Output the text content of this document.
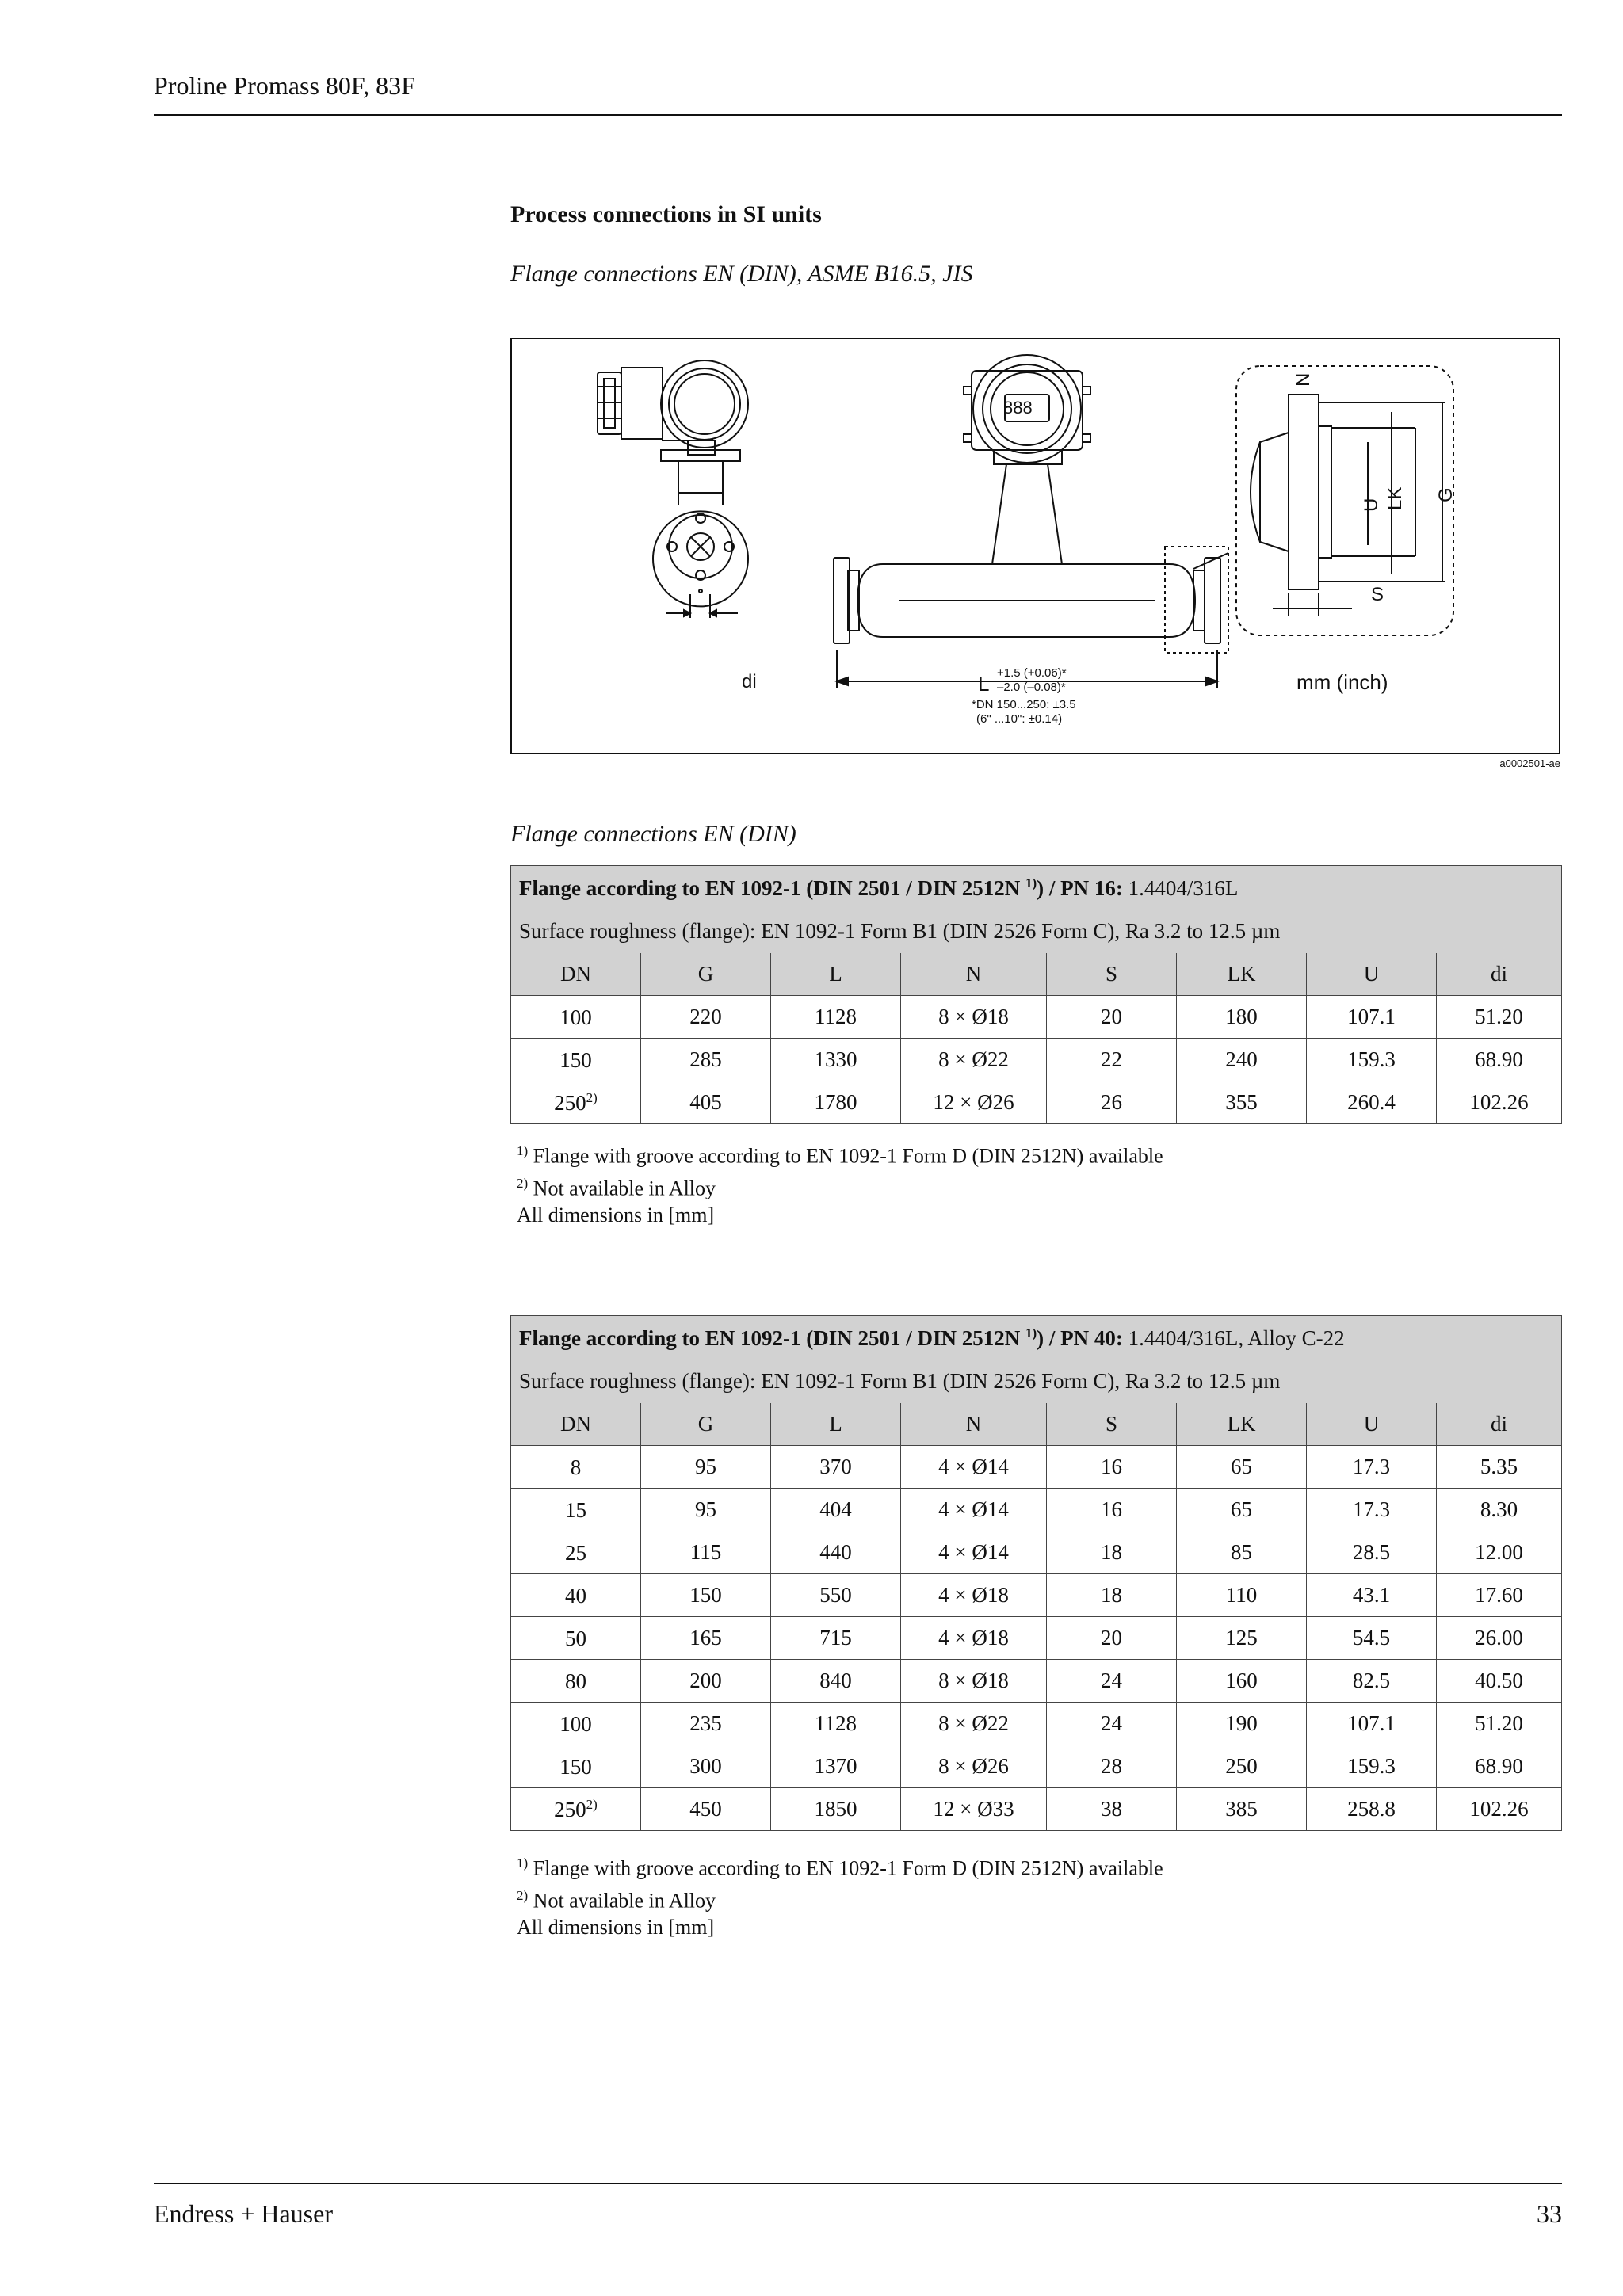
Proline Promass 80F, 83F
Process connections in SI units
Flange connections EN (DIN), ASME B16.5, JIS
di	L +1.5 (+0.06)*
–2.0 (–0.08)*
*DN 150...250: ±3.5
(6" ...10": ±0.14)
888
N
U LK G
S
mm (inch)
a0002501-ae
Flange connections EN (DIN)
Flange according to EN 1092-1 (DIN 2501 / DIN 2512N $^{1)}$) / PN 16: 1.4404/316L							
Surface roughness (flange): EN 1092-1 Form B1 (DIN 2526 Form C), Ra 3.2 to 12.5 µm							
DN	G	L	N	S	LK	U	di
100	220	1128	8 × Ø18	20	180	107.1	51.20
150	285	1330	8 × Ø22	22	240	159.3	68.90
250$^{2)}$	405	1780	12 × Ø26	26	355	260.4	102.26
$^{1)}$ Flange with groove according to EN 1092-1 Form D (DIN 2512N) available
$^{2)}$ Not available in Alloy
All dimensions in [mm]
Flange according to EN 1092-1 (DIN 2501 / DIN 2512N $^{1)}$) / PN 40: 1.4404/316L, Alloy C-22							
Surface roughness (flange): EN 1092-1 Form B1 (DIN 2526 Form C), Ra 3.2 to 12.5 µm							
DN	G	L	N	S	LK	U	di
8	95	370	4 × Ø14	16	65	17.3	5.35
15	95	404	4 × Ø14	16	65	17.3	8.30
25	115	440	4 × Ø14	18	85	28.5	12.00
40	150	550	4 × Ø18	18	110	43.1	17.60
50	165	715	4 × Ø18	20	125	54.5	26.00
80	200	840	8 × Ø18	24	160	82.5	40.50
100	235	1128	8 × Ø22	24	190	107.1	51.20
150	300	1370	8 × Ø26	28	250	159.3	68.90
250$^{2)}$	450	1850	12 × Ø33	38	385	258.8	102.26
$^{1)}$ Flange with groove according to EN 1092-1 Form D (DIN 2512N) available
$^{2)}$ Not available in Alloy
All dimensions in [mm]
Endress + Hauser	33
